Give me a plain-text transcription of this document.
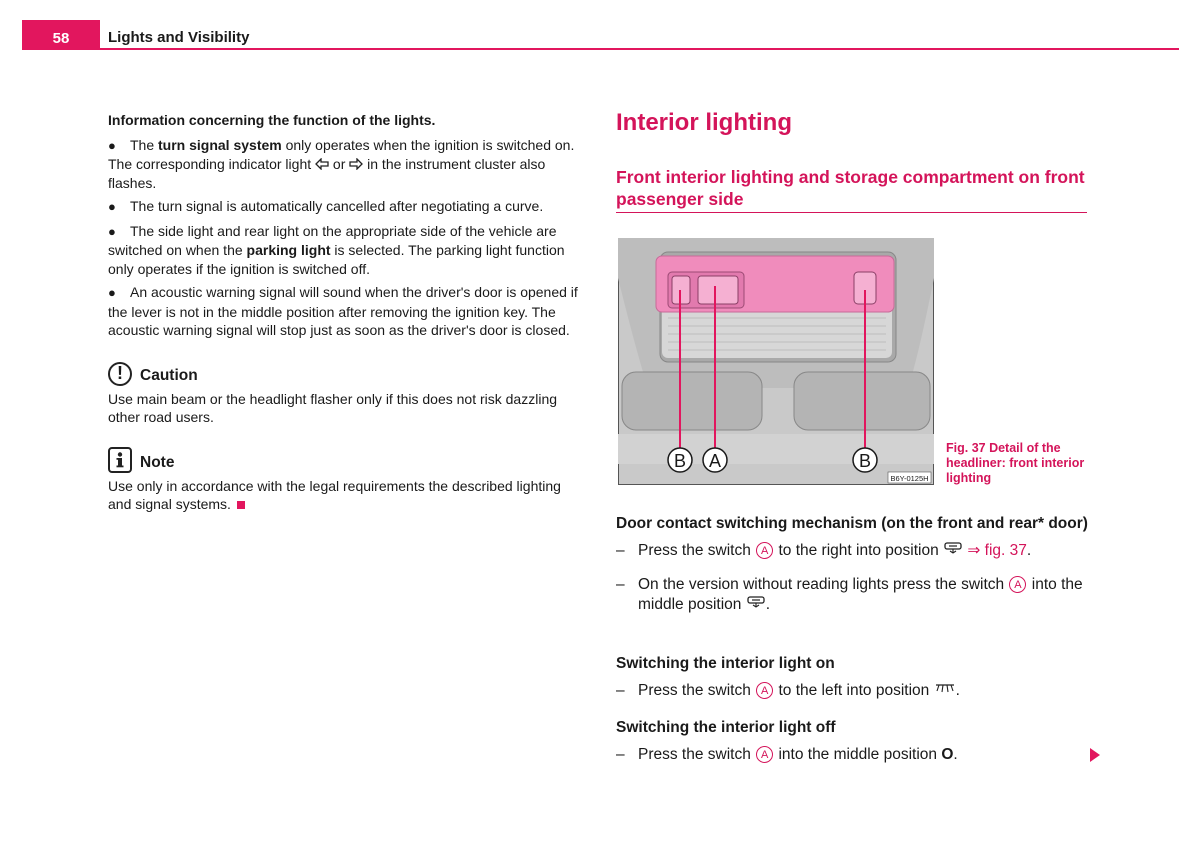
58	Lights and Visibility

Information concerning the function of the lights.

● The turn signal system only operates when the ignition is switched on. The corresponding indicator light  or  in the instrument cluster also flashes.

● The turn signal is automatically cancelled after negotiating a curve.

● The side light and rear light on the appropriate side of the vehicle are switched on when the parking light is selected. The parking light function only operates if the ignition is switched off.

● An acoustic warning signal will sound when the driver's door is opened if the lever is not in the middle position after removing the ignition key. The acoustic warning signal will stop just as soon as the driver's door is closed.

!	Caution

Use main beam or the headlight flasher only if this does not risk dazzling other road users.

Note

Use only in accordance with the legal requirements the described lighting and signal systems.

Interior lighting
Front interior lighting and storage compartment on front passenger side
B A	B
B6Y-0125H
Fig. 37 Detail of the headliner: front interior lighting
Door contact switching mechanism (on the front and rear* door)
– Press the switch A to the right into position  ⇒ fig. 37.
– On the version without reading lights press the switch A into the middle position .
Switching the interior light on
– Press the switch A to the left into position .
Switching the interior light off
– Press the switch A into the middle position O.
